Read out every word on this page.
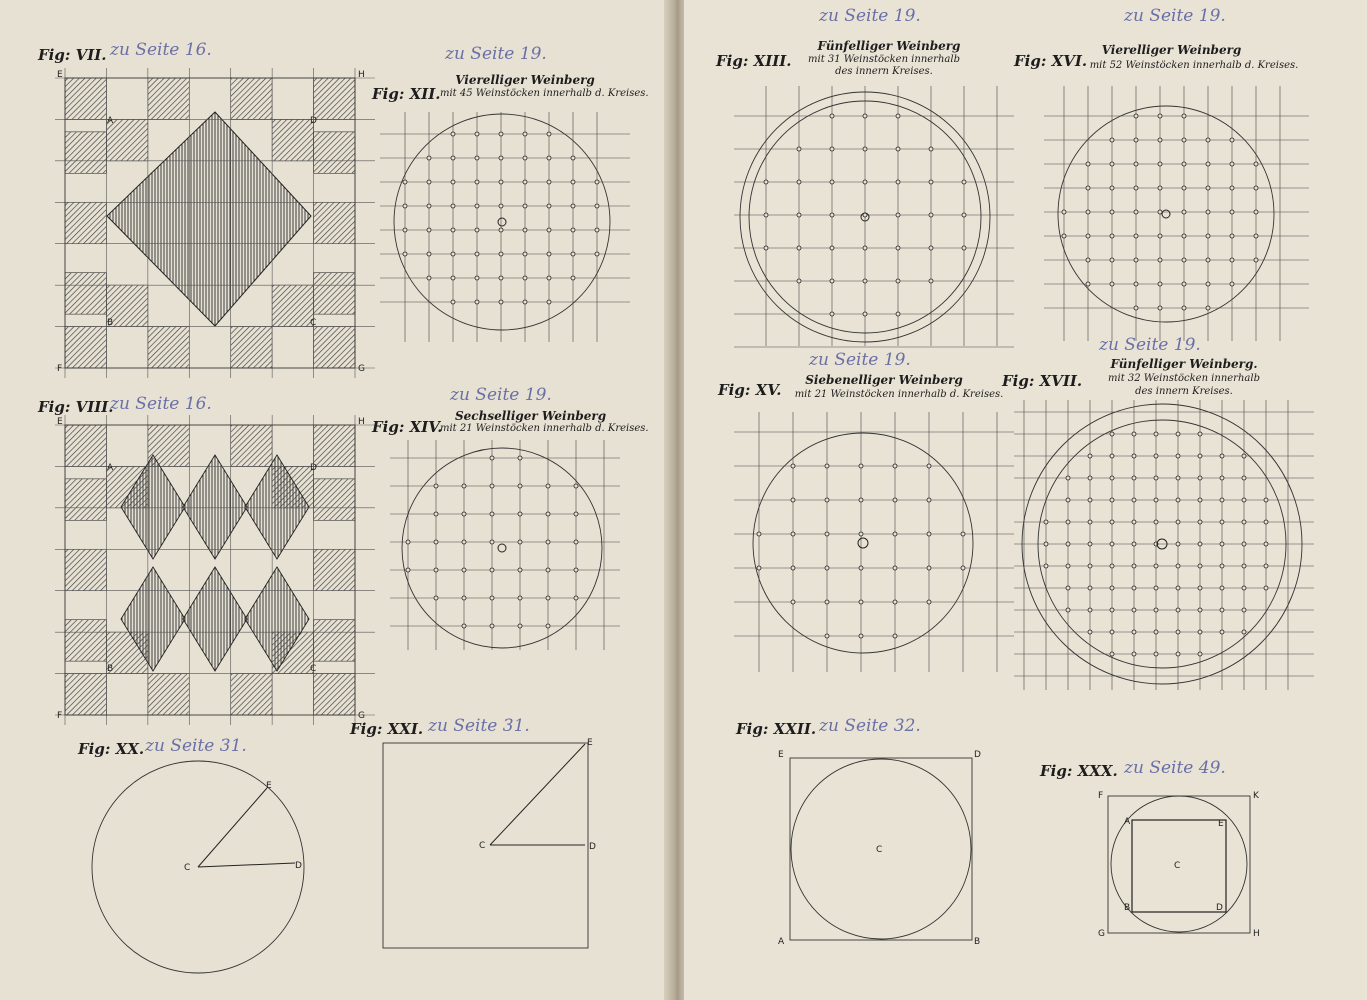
Fig: VII. zu Seite 16.
E	H
A	D
B	C
F	G
zu Seite 19.
Vierelliger Weinberg
Fig: XII. mit 45 Weinstöcken innerhalb d. Kreises.
Fig: VIII.
zu Seite 16.
E	H
A	D
B	C
F	G
zu Seite 19.
Sechselliger Weinberg
Fig: XIV.
mit 21 Weinstöcken innerhalb d. Kreises.
Fig: XX. zu Seite 31.
C
E
D
Fig: XXI. zu Seite 31.
E
C	D
zu Seite 19.
Fünfelliger Weinberg
Fig: XIII.	mit 31 Weinstöcken innerhalb
des innern Kreises.
zu Seite 19.
Vierelliger Weinberg
Fig: XVI. mit 52 Weinstöcken innerhalb d. Kreises.
zu Seite 19.
Siebenelliger Weinberg
Fig: XV.	mit 21 Weinstöcken innerhalb d. Kreises.
zu Seite 19.
Fünfelliger Weinberg.
Fig: XVII.	mit 32 Weinstöcken innerhalb
des innern Kreises.
Fig: XXII. zu Seite 32.
E	D
C
A	B
Fig: XXX. zu Seite 49.
F	K
A	E
C
B	D
G	H
